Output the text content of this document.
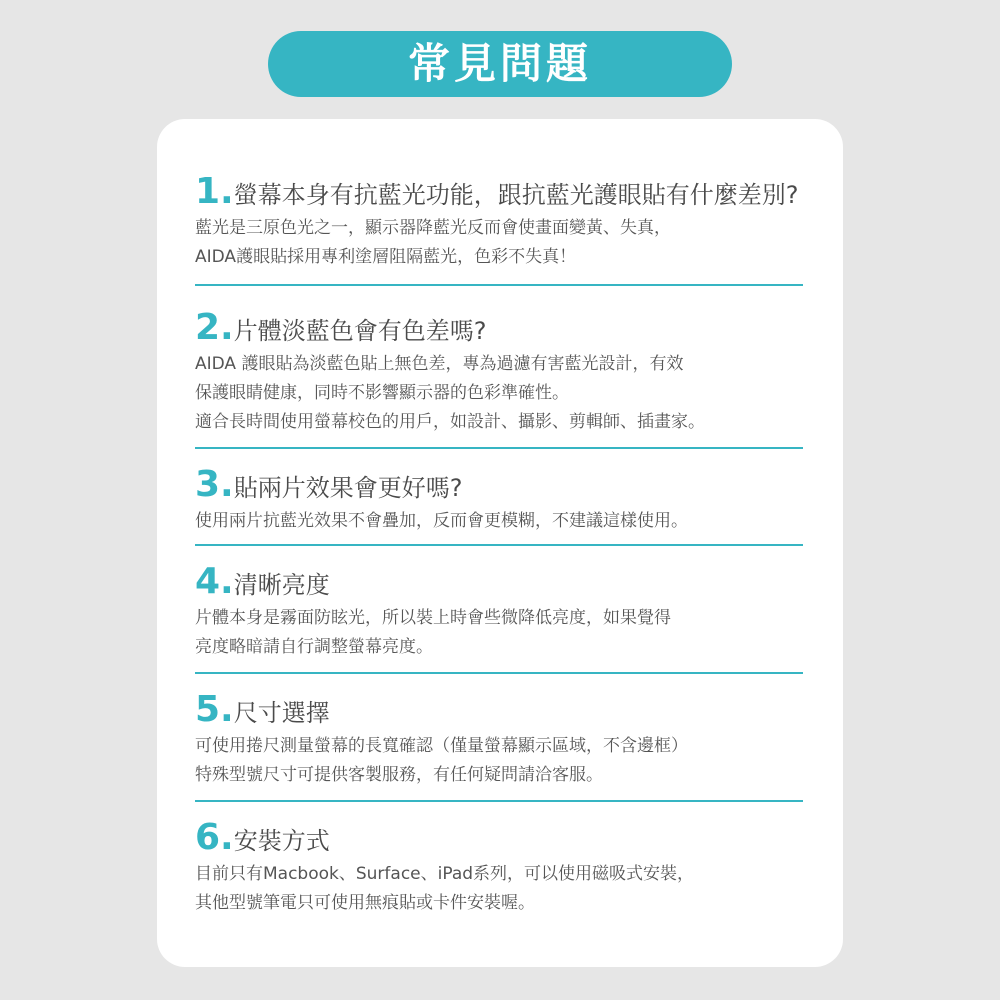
常見問題
1. 螢幕本身有抗藍光功能，跟抗藍光護眼貼有什麼差別?
藍光是三原色光之一，顯示器降藍光反而會使畫面變黃、失真，
AIDA護眼貼採用專利塗層阻隔藍光，色彩不失真！
2. 片體淡藍色會有色差嗎?
AIDA 護眼貼為淡藍色貼上無色差，專為過濾有害藍光設計，有效
保護眼睛健康，同時不影響顯示器的色彩準確性。
適合長時間使用螢幕校色的用戶，如設計、攝影、剪輯師、插畫家。
3. 貼兩片效果會更好嗎?
使用兩片抗藍光效果不會疊加，反而會更模糊，不建議這樣使用。
4. 清晰亮度
片體本身是霧面防眩光，所以裝上時會些微降低亮度，如果覺得
亮度略暗請自行調整螢幕亮度。
5. 尺寸選擇
可使用捲尺測量螢幕的長寬確認（僅量螢幕顯示區域，不含邊框）
特殊型號尺寸可提供客製服務，有任何疑問請洽客服。
6. 安裝方式
目前只有Macbook、Surface、iPad系列，可以使用磁吸式安裝，
其他型號筆電只可使用無痕貼或卡件安裝喔。
